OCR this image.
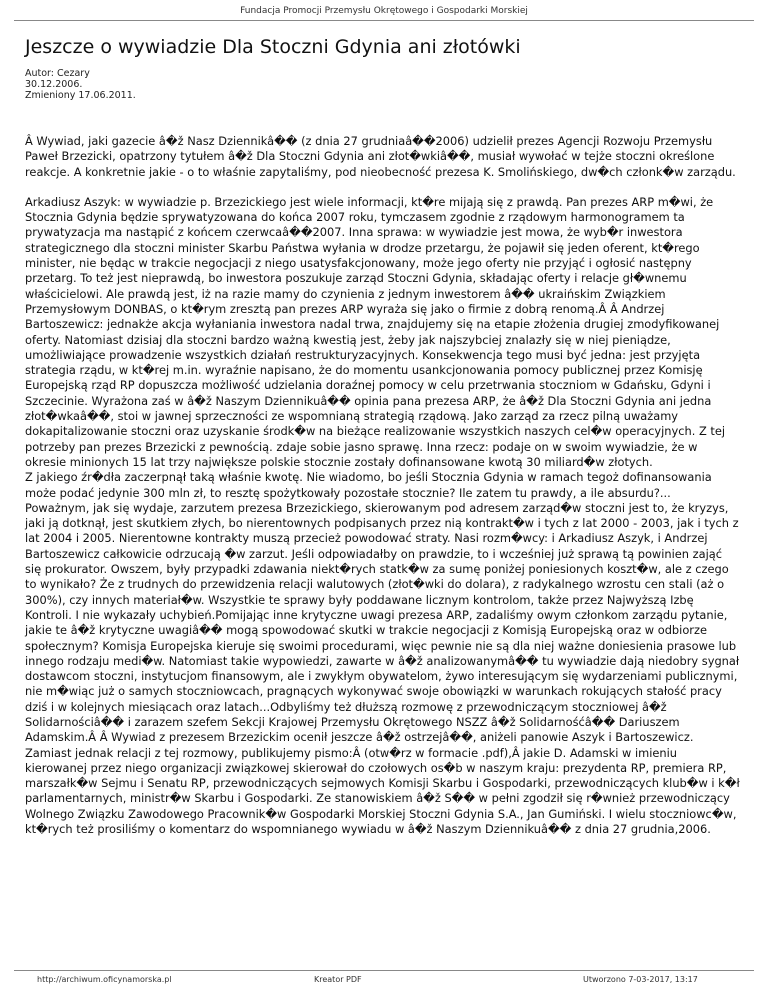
Fundacja Promocji Przemysłu Okrętowego i Gospodarki Morskiej
Jeszcze o wywiadzie Dla Stoczni Gdynia ani złotówki
Autor: Cezary
30.12.2006.
Zmieniony 17.06.2011.

Â Wywiad, jaki gazecie â�ž Nasz Dziennikâ�� (z dnia 27 grudniaâ��2006) udzielił prezes Agencji Rozwoju Przemysłu Paweł Brzezicki, opatrzony tytułem â�ž Dla Stoczni Gdynia ani złot�wkiâ��, musiał wywołać w tejże stoczni określone reakcje. A konkretnie jakie - o to właśnie zapytaliśmy, pod nieobecność prezesa K. Smolińskiego, dw�ch członk�w zarządu.

Arkadiusz Aszyk: w wywiadzie p. Brzezickiego jest wiele informacji, kt�re mijają się z prawdą. Pan prezes ARP m�wi, że Stocznia Gdynia będzie sprywatyzowana do końca 2007 roku, tymczasem zgodnie z rządowym harmonogramem ta prywatyzacja ma nastąpić z końcem czerwcaâ��2007. Inna sprawa: w wywiadzie jest mowa, że wyb�r inwestora strategicznego dla stoczni minister Skarbu Państwa wyłania w drodze przetargu, że pojawił się jeden oferent, kt�rego minister, nie będąc w trakcie negocjacji z niego usatysfakcjonowany, może jego oferty nie przyjąć i ogłosić następny przetarg. To też jest nieprawdą, bo inwestora poszukuje zarząd Stoczni Gdynia, składając oferty i relacje gł�wnemu właścicielowi. Ale prawdą jest, iż na razie mamy do czynienia z jednym inwestorem â�� ukraińskim Związkiem Przemysłowym DONBAS, o kt�rym zresztą pan prezes ARP wyraża się jako o firmie z dobrą renomą.Â Â Andrzej Bartoszewicz: jednakże akcja wyłaniania inwestora nadal trwa, znajdujemy się na etapie złożenia drugiej zmodyfikowanej oferty. Natomiast dzisiaj dla stoczni bardzo ważną kwestią jest, żeby jak najszybciej znalazły się w niej pieniądze, umożliwiające prowadzenie wszystkich działań restrukturyzacyjnych. Konsekwencja tego musi być jedna: jest przyjęta strategia rządu, w kt�rej m.in. wyraźnie napisano, że do momentu usankcjonowania pomocy publicznej przez Komisję Europejską rząd RP dopuszcza możliwość udzielania doraźnej pomocy w celu przetrwania stoczniom w Gdańsku, Gdyni i Szczecinie. Wyrażona zaś w â�ž Naszym Dziennikuâ�� opinia pana prezesa ARP, że â�ž Dla Stoczni Gdynia ani jedna złot�wkaâ��, stoi w jawnej sprzeczności ze wspomnianą strategią rządową. Jako zarząd za rzecz pilną uważamy dokapitalizowanie stoczni oraz uzyskanie środk�w na bieżące realizowanie wszystkich naszych cel�w operacyjnych. Z tej potrzeby pan prezes Brzezicki z pewnością. zdaje sobie jasno sprawę. Inna rzecz: podaje on w swoim wywiadzie, że w okresie minionych 15 lat trzy największe polskie stocznie zostały dofinansowane kwotą 30 miliard�w złotych.

Z jakiego źr�dła zaczerpnął taką właśnie kwotę. Nie wiadomo, bo jeśli Stocznia Gdynia w ramach tegoż dofinansowania może podać jedynie 300 mln zł, to resztę spożytkowały pozostałe stocznie? Ile zatem tu prawdy, a ile absurdu?...

Poważnym, jak się wydaje, zarzutem prezesa Brzezickiego, skierowanym pod adresem zarząd�w stoczni jest to, że kryzys, jaki ją dotknął, jest skutkiem złych, bo nierentownych podpisanych przez nią kontrakt�w i tych z lat 2000 - 2003, jak i tych z lat 2004 i 2005. Nierentowne kontrakty muszą przecież powodować straty. Nasi rozm�wcy: i Arkadiusz Aszyk, i Andrzej Bartoszewicz całkowicie odrzucają �w zarzut. Jeśli odpowiadałby on prawdzie, to i wcześniej już sprawą tą powinien zająć się prokurator. Owszem, były przypadki zdawania niekt�rych statk�w za sumę poniżej poniesionych koszt�w, ale z czego to wynikało? Że z trudnych do przewidzenia relacji walutowych (złot�wki do dolara), z radykalnego wzrostu cen stali (aż o 300%), czy innych materiał�w. Wszystkie te sprawy były poddawane licznym kontrolom, także przez Najwyższą Izbę Kontroli. I nie wykazały uchybień.Pomijając inne krytyczne uwagi prezesa ARP, zadaliśmy owym członkom zarządu pytanie, jakie te â�ž krytyczne uwagiâ�� mogą spowodować skutki w trakcie negocjacji z Komisją Europejską oraz w odbiorze społecznym? Komisja Europejska kieruje się swoimi procedurami, więc pewnie nie są dla niej ważne doniesienia prasowe lub innego rodzaju medi�w. Natomiast takie wypowiedzi, zawarte w â�ž analizowanymâ�� tu wywiadzie dają niedobry sygnał dostawcom stoczni, instytucjom finansowym, ale i zwykłym obywatelom, żywo interesującym się wydarzeniami publicznymi, nie m�wiąc już o samych stoczniowcach, pragnących wykonywać swoje obowiązki w warunkach rokujących stałość pracy dziś i w kolejnych miesiącach oraz latach...Odbyliśmy też dłuższą rozmowę z przewodniczącym stoczniowej â�ž Solidarnościâ�� i zarazem szefem Sekcji Krajowej Przemysłu Okrętowego NSZZ â�ž Solidarnośćâ�� Dariuszem Adamskim.Â Â Wywiad z prezesem Brzezickim ocenił jeszcze â�ž ostrzejâ��, aniżeli panowie Aszyk i Bartoszewicz. Zamiast jednak relacji z tej rozmowy, publikujemy pismo:Â (otw�rz w formacie .pdf),Â jakie D. Adamski w imieniu kierowanej przez niego organizacji związkowej skierował do czołowych os�b w naszym kraju: prezydenta RP, premiera RP, marszałk�w Sejmu i Senatu RP, przewodniczących sejmowych Komisji Skarbu i Gospodarki, przewodniczących klub�w i k�ł parlamentarnych, ministr�w Skarbu i Gospodarki. Ze stanowiskiem â�ž S�� w pełni zgodził się r�wnież przewodniczący Wolnego Związku Zawodowego Pracownik�w Gospodarki Morskiej Stoczni Gdynia S.A., Jan Gumiński. I wielu stoczniowc�w, kt�rych też prosiliśmy o komentarz do wspomnianego wywiadu w â�ž Naszym Dziennikuâ�� z dnia 27 grudnia,2006.

http://archiwum.oficynamorska.pl	Kreator PDF	Utworzono 7-03-2017, 13:17
